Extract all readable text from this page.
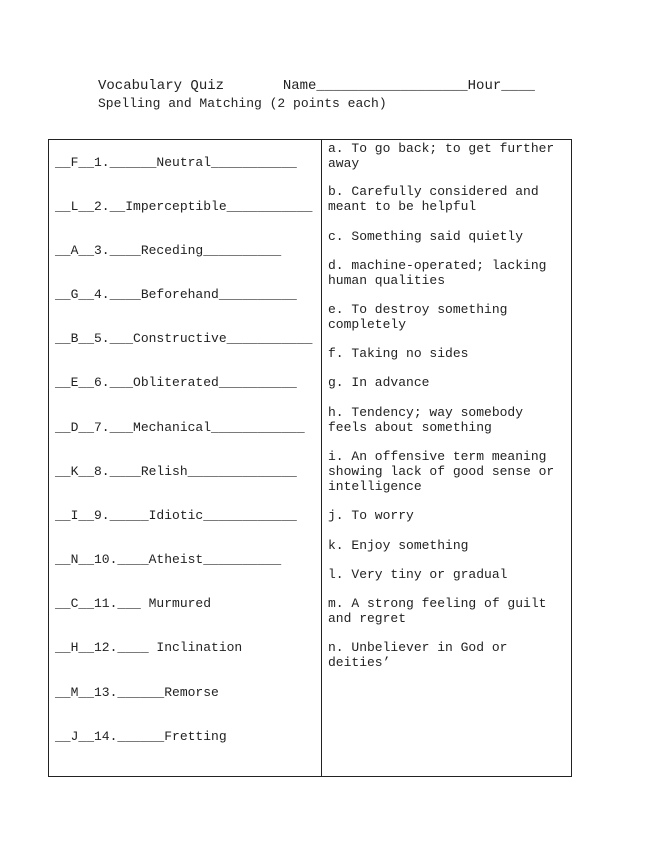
Vocabulary Quiz       Name__________________Hour____
Spelling and Matching (2 points each)
__F__1.______Neutral___________
__L__2.__Imperceptible___________
__A__3.____Receding__________
__G__4.____Beforehand__________
__B__5.___Constructive___________
__E__6.___Obliterated__________
__D__7.___Mechanical____________
__K__8.____Relish______________
__I__9._____Idiotic____________
__N__10.____Atheist__________
__C__11.___ Murmured
__H__12.____ Inclination
__M__13.______Remorse
__J__14.______Fretting
a. To go back; to get further away
b. Carefully considered and meant to be helpful
c. Something said quietly
d. machine-operated; lacking human qualities
e. To destroy something completely
f. Taking no sides
g. In advance
h. Tendency; way somebody feels about something
i. An offensive term meaning showing lack of good sense or intelligence
j. To worry
k. Enjoy something
l. Very tiny or gradual
m. A strong feeling of guilt and regret
n. Unbeliever in God or deities’
